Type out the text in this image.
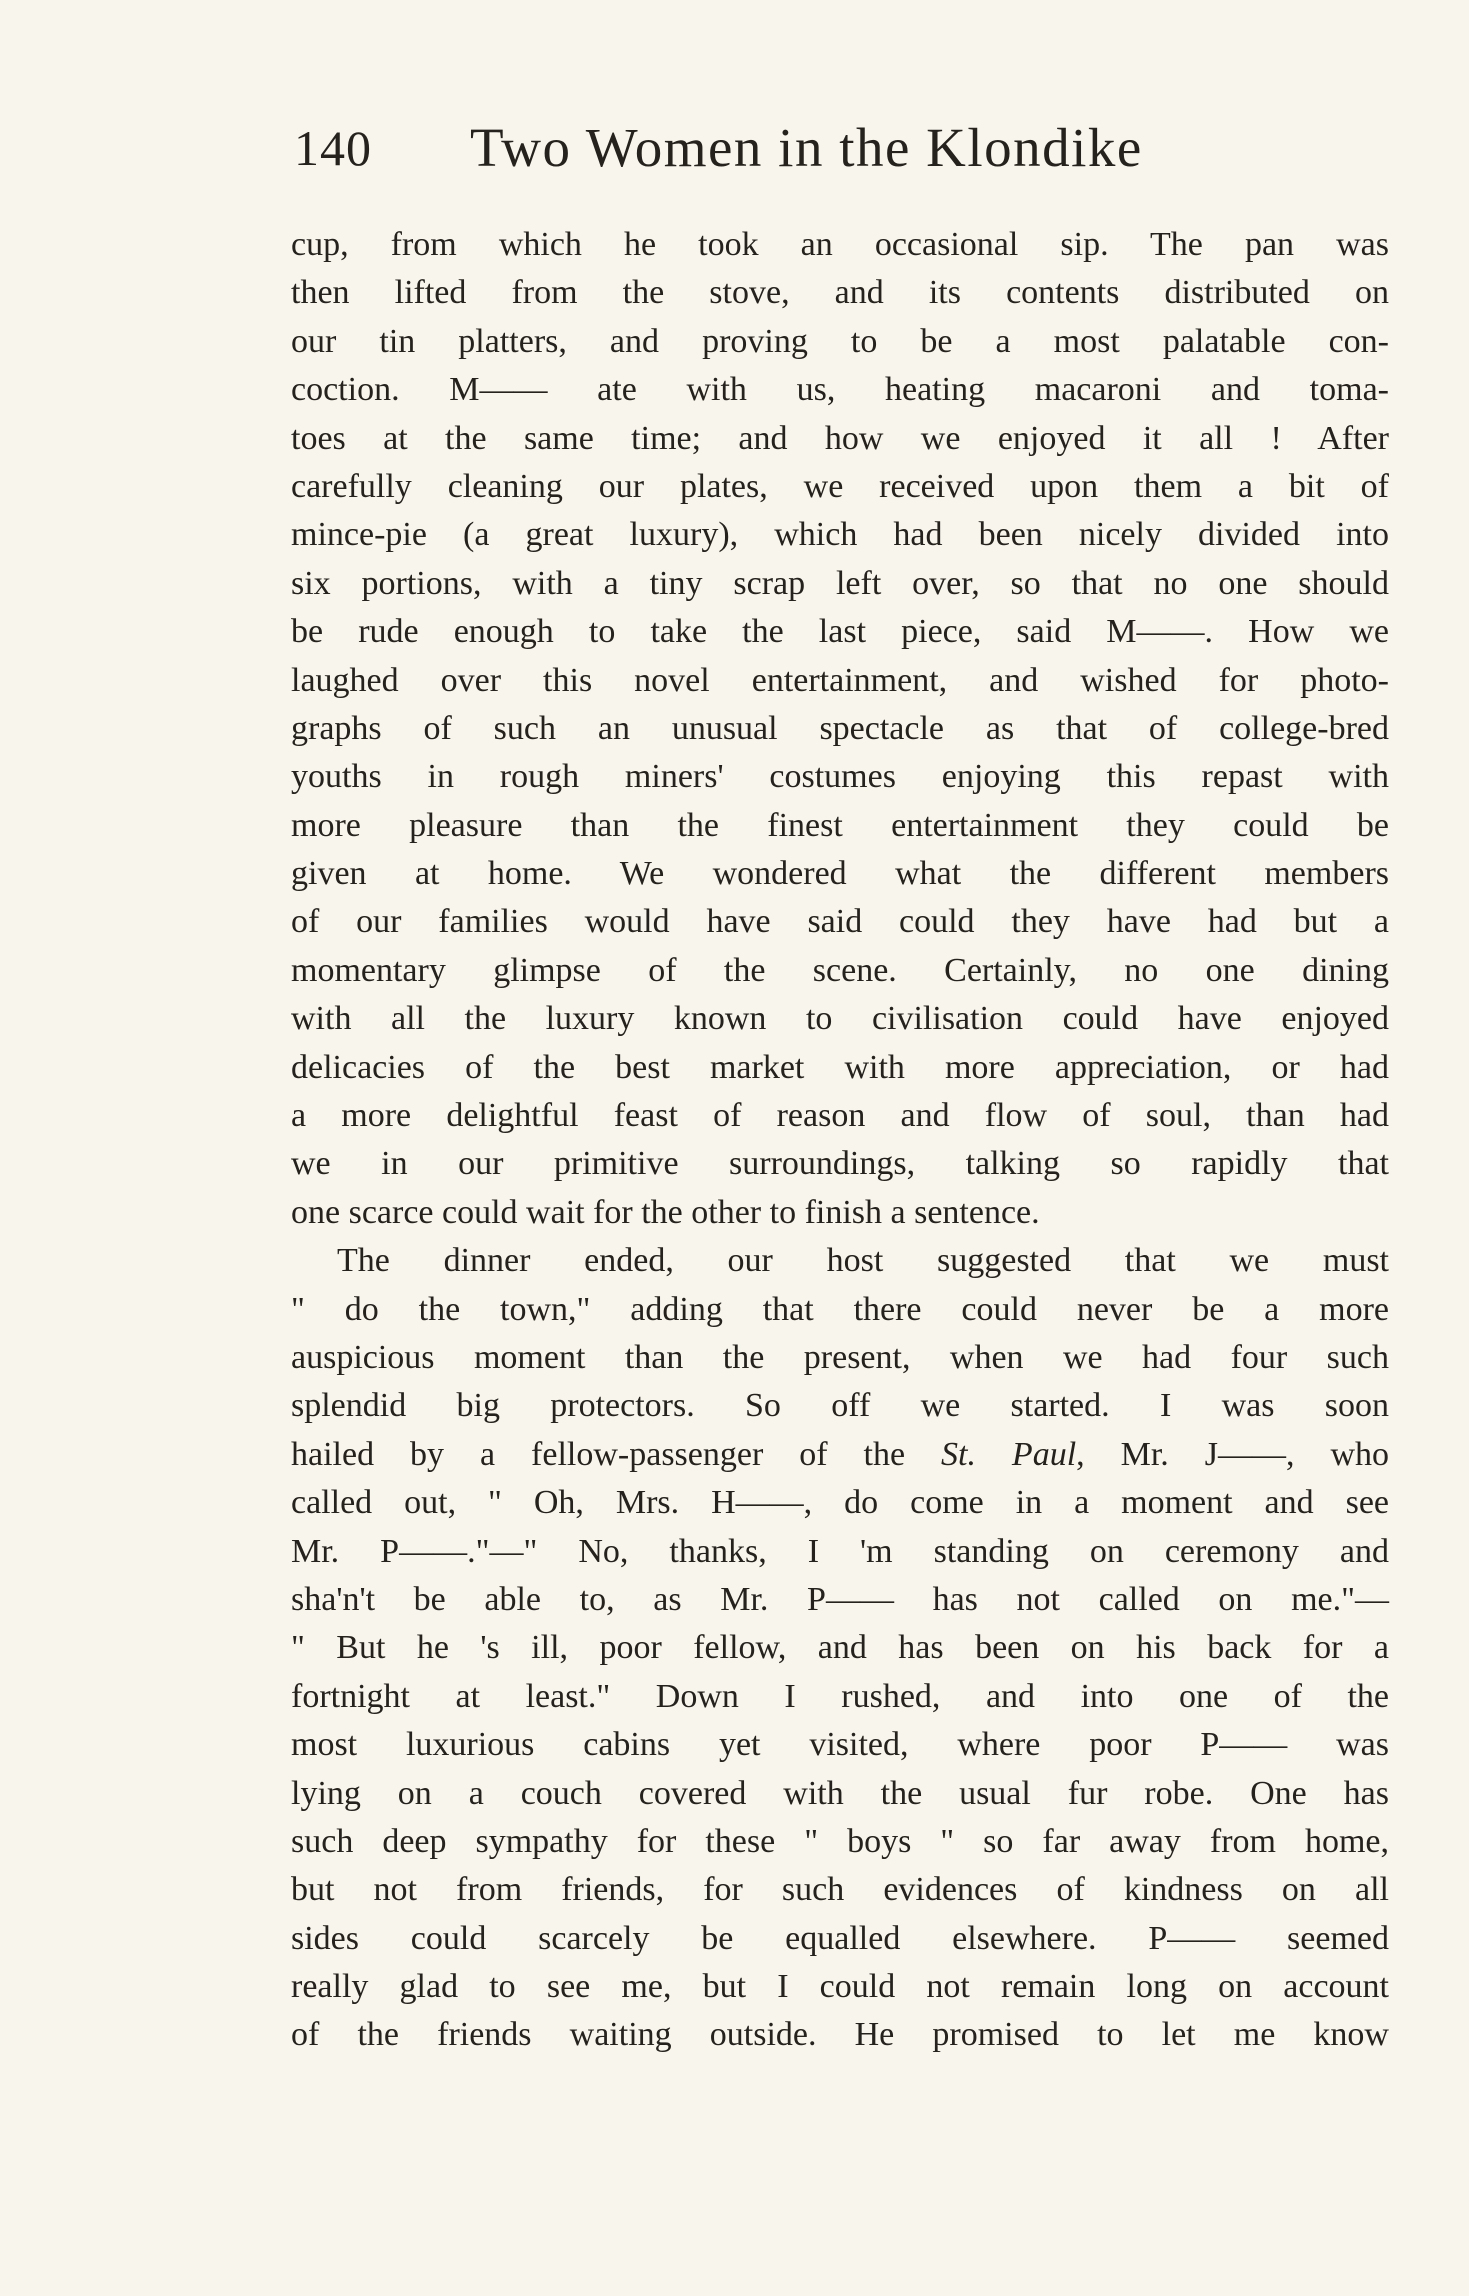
140 Two Women in the Klondike
cup, from which he took an occasional sip. The pan was
then lifted from the stove, and its contents distributed on
our tin platters, and proving to be a most palatable con-
coction. M—— ate with us, heating macaroni and toma-
toes at the same time; and how we enjoyed it all ! After
carefully cleaning our plates, we received upon them a bit of
mince-pie (a great luxury), which had been nicely divided into
six portions, with a tiny scrap left over, so that no one should
be rude enough to take the last piece, said M——. How we
laughed over this novel entertainment, and wished for photo-
graphs of such an unusual spectacle as that of college-bred
youths in rough miners' costumes enjoying this repast with
more pleasure than the finest entertainment they could be
given at home. We wondered what the different members
of our families would have said could they have had but a
momentary glimpse of the scene. Certainly, no one dining
with all the luxury known to civilisation could have enjoyed
delicacies of the best market with more appreciation, or had
a more delightful feast of reason and flow of soul, than had
we in our primitive surroundings, talking so rapidly that
one scarce could wait for the other to finish a sentence.
The dinner ended, our host suggested that we must
" do the town," adding that there could never be a more
auspicious moment than the present, when we had four such
splendid big protectors. So off we started. I was soon
hailed by a fellow-passenger of the St. Paul, Mr. J——, who
called out, " Oh, Mrs. H——, do come in a moment and see
Mr. P——."—" No, thanks, I 'm standing on ceremony and
sha'n't be able to, as Mr. P—— has not called on me."—
" But he 's ill, poor fellow, and has been on his back for a
fortnight at least." Down I rushed, and into one of the
most luxurious cabins yet visited, where poor P—— was
lying on a couch covered with the usual fur robe. One has
such deep sympathy for these " boys " so far away from home,
but not from friends, for such evidences of kindness on all
sides could scarcely be equalled elsewhere. P—— seemed
really glad to see me, but I could not remain long on account
of the friends waiting outside. He promised to let me know
